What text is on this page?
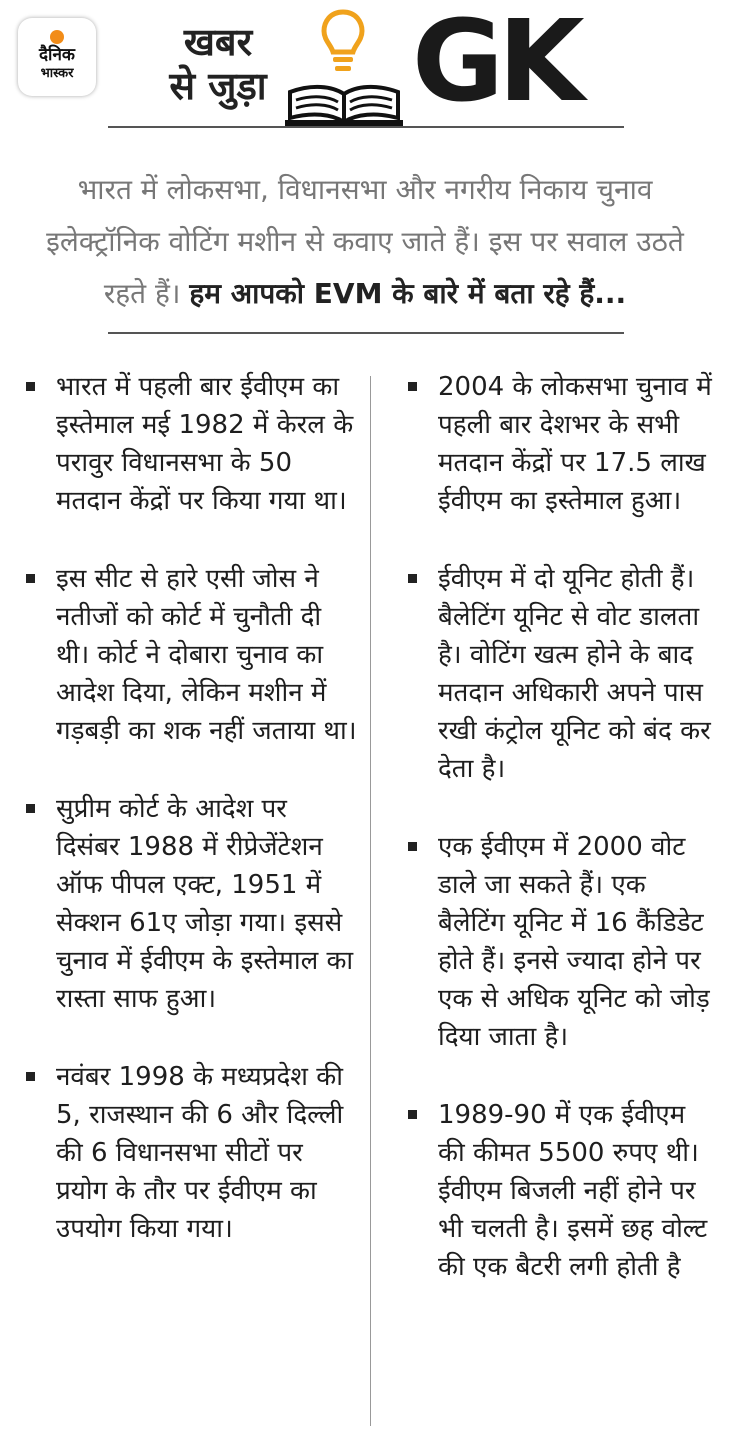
दैनिक
भास्कर
खबर
से जुड़ा GK
भारत में लोकसभा, विधानसभा और नगरीय निकाय चुनाव इलेक्ट्रॉनिक वोटिंग मशीन से कवाए जाते हैं। इस पर सवाल उठते रहते हैं। हम आपको EVM के बारे में बता रहे हैं...
भारत में पहली बार ईवीएम का इस्तेमाल मई 1982 में केरल के परावुर विधानसभा के 50 मतदान केंद्रों पर किया गया था।
इस सीट से हारे एसी जोस ने नतीजों को कोर्ट में चुनौती दी थी। कोर्ट ने दोबारा चुनाव का आदेश दिया, लेकिन मशीन में गड़बड़ी का शक नहीं जताया था।
सुप्रीम कोर्ट के आदेश पर दिसंबर 1988 में रीप्रेजेंटेशन ऑफ पीपल एक्ट, 1951 में सेक्शन 61ए जोड़ा गया। इससे चुनाव में ईवीएम के इस्तेमाल का रास्ता साफ हुआ।
नवंबर 1998 के मध्यप्रदेश की 5, राजस्थान की 6 और दिल्ली की 6 विधानसभा सीटों पर प्रयोग के तौर पर ईवीएम का उपयोग किया गया।
2004 के लोकसभा चुनाव में पहली बार देशभर के सभी मतदान केंद्रों पर 17.5 लाख ईवीएम का इस्तेमाल हुआ।
ईवीएम में दो यूनिट होती हैं। बैलेटिंग यूनिट से वोट डालता है। वोटिंग खत्म होने के बाद मतदान अधिकारी अपने पास रखी कंट्रोल यूनिट को बंद कर देता है।
एक ईवीएम में 2000 वोट डाले जा सकते हैं। एक बैलेटिंग यूनिट में 16 कैंडिडेट होते हैं। इनसे ज्यादा होने पर एक से अधिक यूनिट को जोड़ दिया जाता है।
1989-90 में एक ईवीएम की कीमत 5500 रुपए थी। ईवीएम बिजली नहीं होने पर भी चलती है। इसमें छह वोल्ट की एक बैटरी लगी होती है
